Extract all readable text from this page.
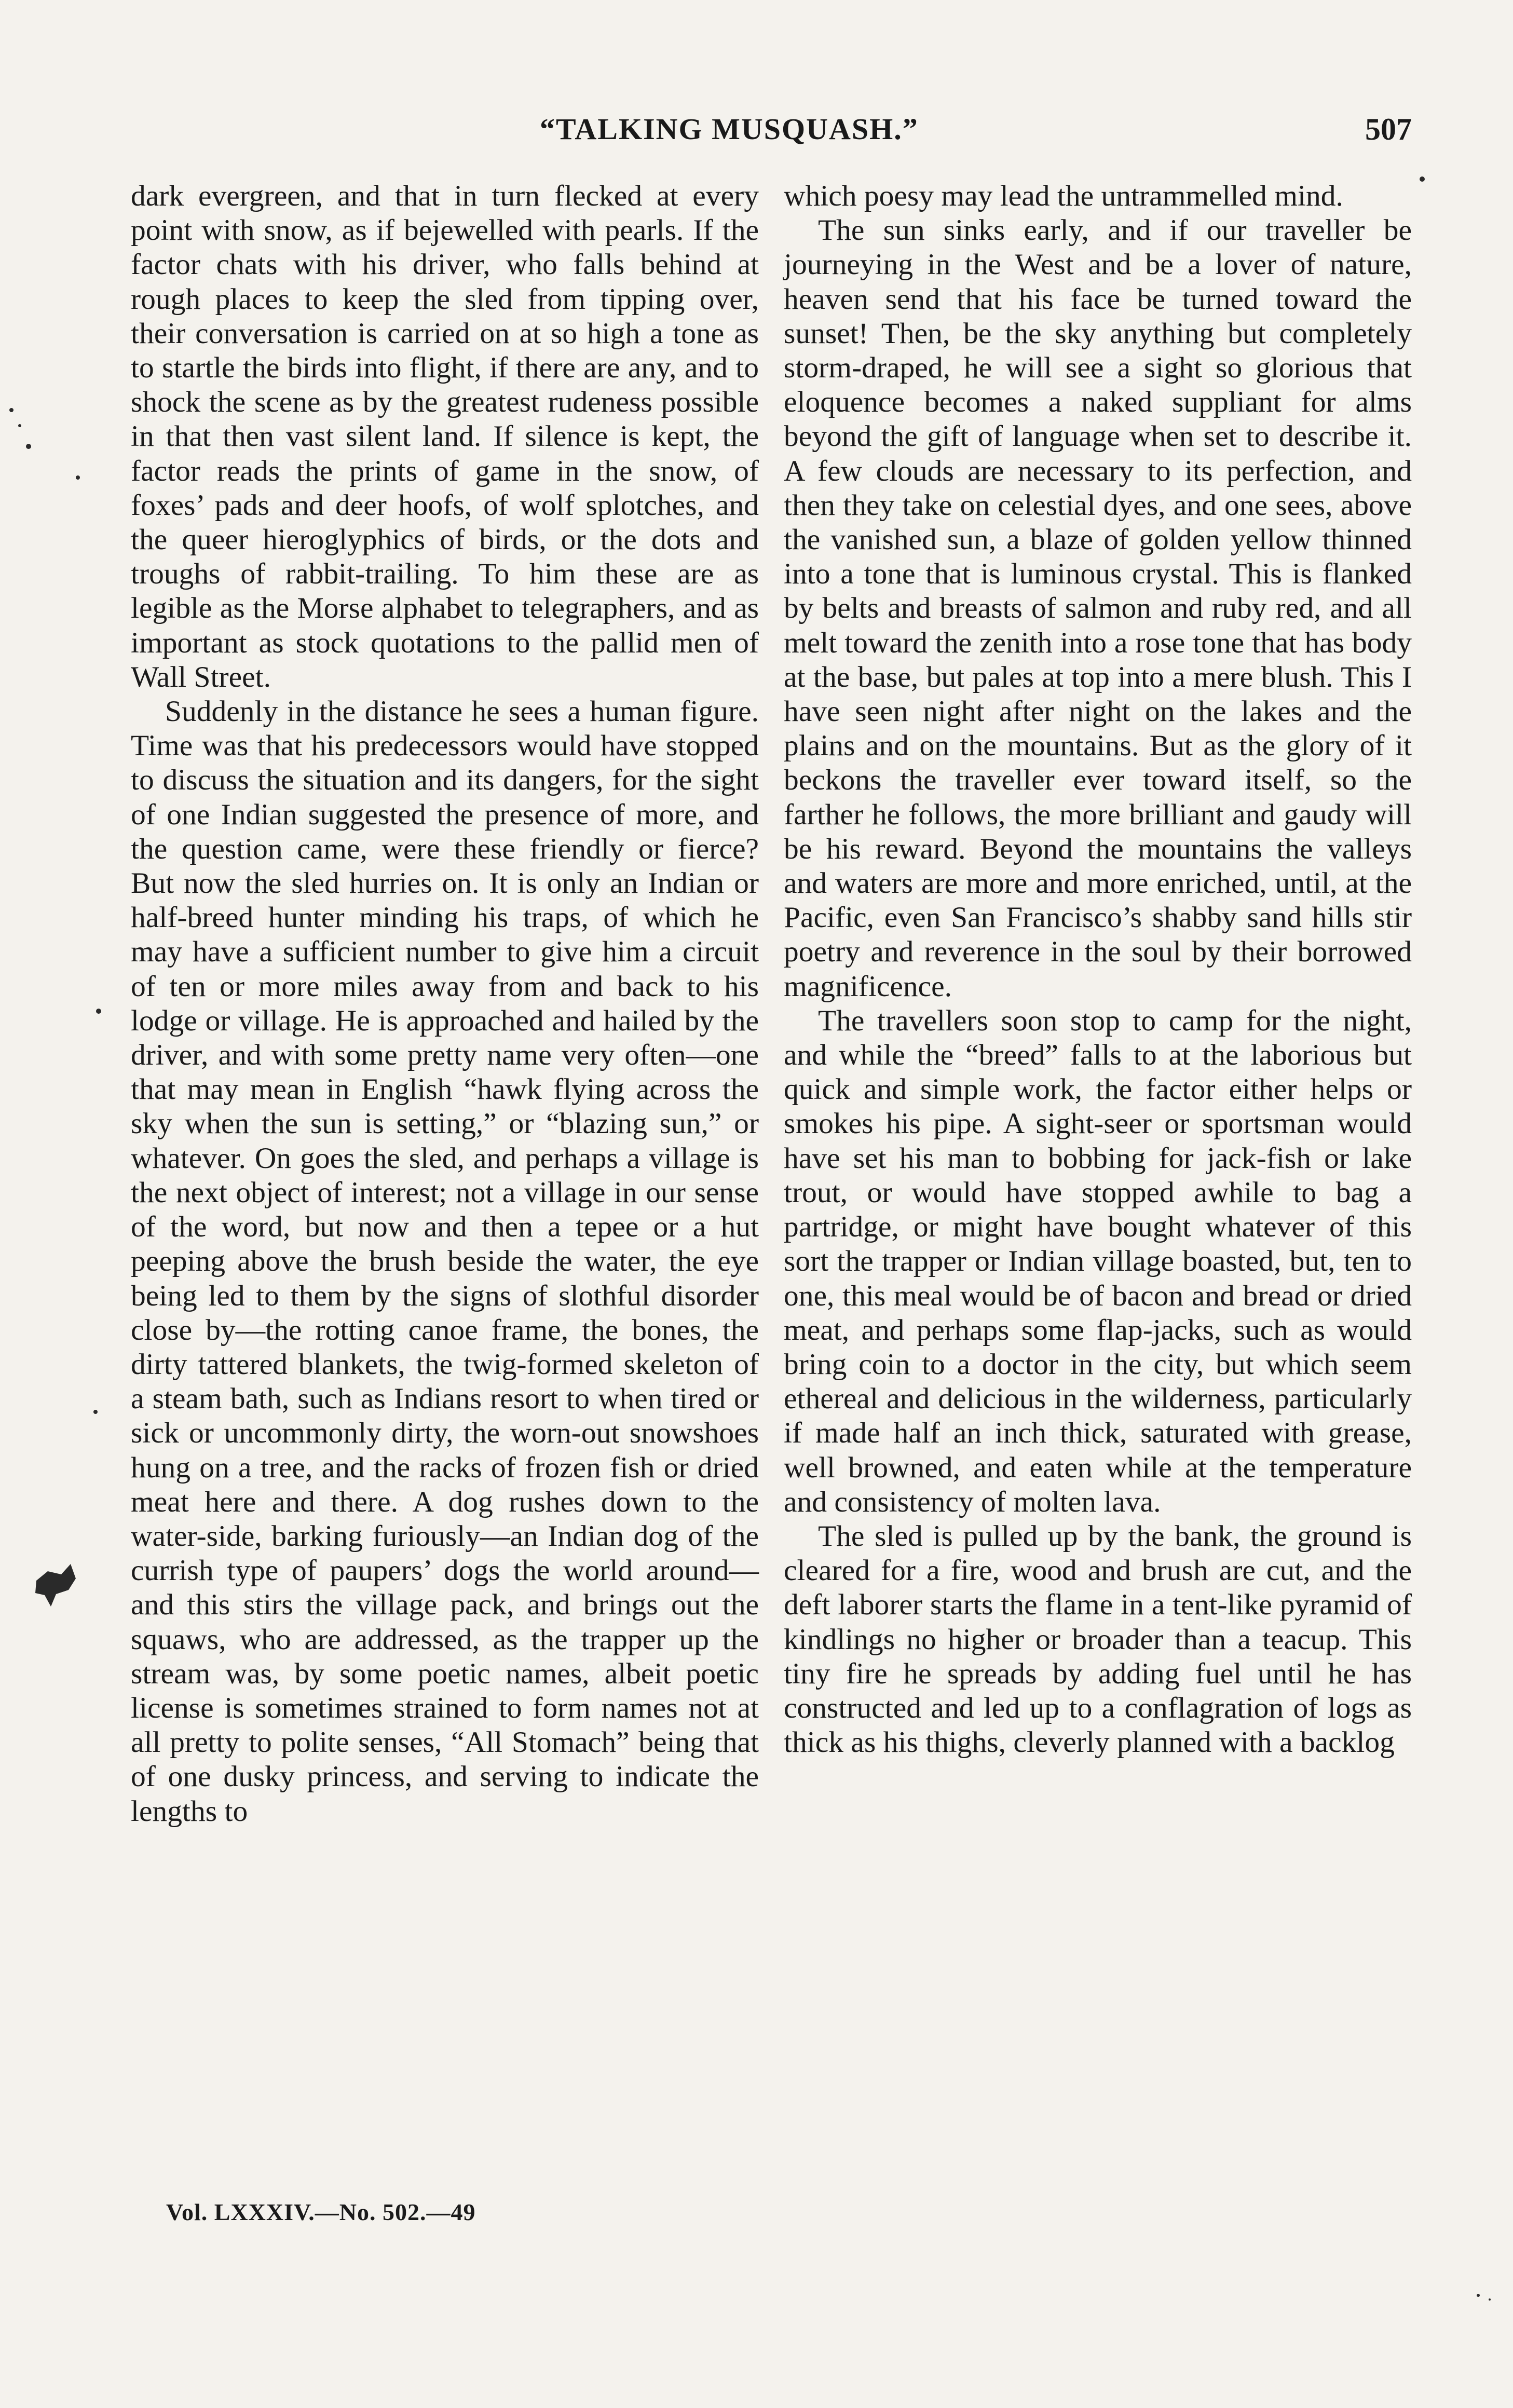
“TALKING MUSQUASH.”	507

dark evergreen, and that in turn flecked at every point with snow, as if bejewelled with pearls. If the factor chats with his driver, who falls behind at rough places to keep the sled from tipping over, their conversation is carried on at so high a tone as to startle the birds into flight, if there are any, and to shock the scene as by the greatest rudeness possible in that then vast silent land. If silence is kept, the factor reads the prints of game in the snow, of foxes’ pads and deer hoofs, of wolf splotches, and the queer hieroglyphics of birds, or the dots and troughs of rabbit-trailing. To him these are as legible as the Morse alphabet to telegraphers, and as important as stock quotations to the pallid men of Wall Street.

Suddenly in the distance he sees a human figure. Time was that his predecessors would have stopped to discuss the situation and its dangers, for the sight of one Indian suggested the presence of more, and the question came, were these friendly or fierce? But now the sled hurries on. It is only an Indian or half-breed hunter minding his traps, of which he may have a sufficient number to give him a circuit of ten or more miles away from and back to his lodge or village. He is approached and hailed by the driver, and with some pretty name very often—one that may mean in English “hawk flying across the sky when the sun is setting,” or “blazing sun,” or whatever. On goes the sled, and perhaps a village is the next object of interest; not a village in our sense of the word, but now and then a tepee or a hut peeping above the brush beside the water, the eye being led to them by the signs of slothful disorder close by—the rotting canoe frame, the bones, the dirty tattered blankets, the twig-formed skeleton of a steam bath, such as Indians resort to when tired or sick or uncommonly dirty, the worn-out snowshoes hung on a tree, and the racks of frozen fish or dried meat here and there. A dog rushes down to the water-side, barking furiously—an Indian dog of the currish type of paupers’ dogs the world around—and this stirs the village pack, and brings out the squaws, who are addressed, as the trapper up the stream was, by some poetic names, albeit poetic license is sometimes strained to form names not at all pretty to polite senses, “All Stomach” being that of one dusky princess, and serving to indicate the lengths to

which poesy may lead the untrammelled mind.

The sun sinks early, and if our traveller be journeying in the West and be a lover of nature, heaven send that his face be turned toward the sunset! Then, be the sky anything but completely storm-draped, he will see a sight so glorious that eloquence becomes a naked suppliant for alms beyond the gift of language when set to describe it. A few clouds are necessary to its perfection, and then they take on celestial dyes, and one sees, above the vanished sun, a blaze of golden yellow thinned into a tone that is luminous crystal. This is flanked by belts and breasts of salmon and ruby red, and all melt toward the zenith into a rose tone that has body at the base, but pales at top into a mere blush. This I have seen night after night on the lakes and the plains and on the mountains. But as the glory of it beckons the traveller ever toward itself, so the farther he follows, the more brilliant and gaudy will be his reward. Beyond the mountains the valleys and waters are more and more enriched, until, at the Pacific, even San Francisco’s shabby sand hills stir poetry and reverence in the soul by their borrowed magnificence.

The travellers soon stop to camp for the night, and while the “breed” falls to at the laborious but quick and simple work, the factor either helps or smokes his pipe. A sight-seer or sportsman would have set his man to bobbing for jack-fish or lake trout, or would have stopped awhile to bag a partridge, or might have bought whatever of this sort the trapper or Indian village boasted, but, ten to one, this meal would be of bacon and bread or dried meat, and perhaps some flap-jacks, such as would bring coin to a doctor in the city, but which seem ethereal and delicious in the wilderness, particularly if made half an inch thick, saturated with grease, well browned, and eaten while at the temperature and consistency of molten lava.

The sled is pulled up by the bank, the ground is cleared for a fire, wood and brush are cut, and the deft laborer starts the flame in a tent-like pyramid of kindlings no higher or broader than a teacup. This tiny fire he spreads by adding fuel until he has constructed and led up to a conflagration of logs as thick as his thighs, cleverly planned with a backlog

Vol. LXXXIV.—No. 502.—49
